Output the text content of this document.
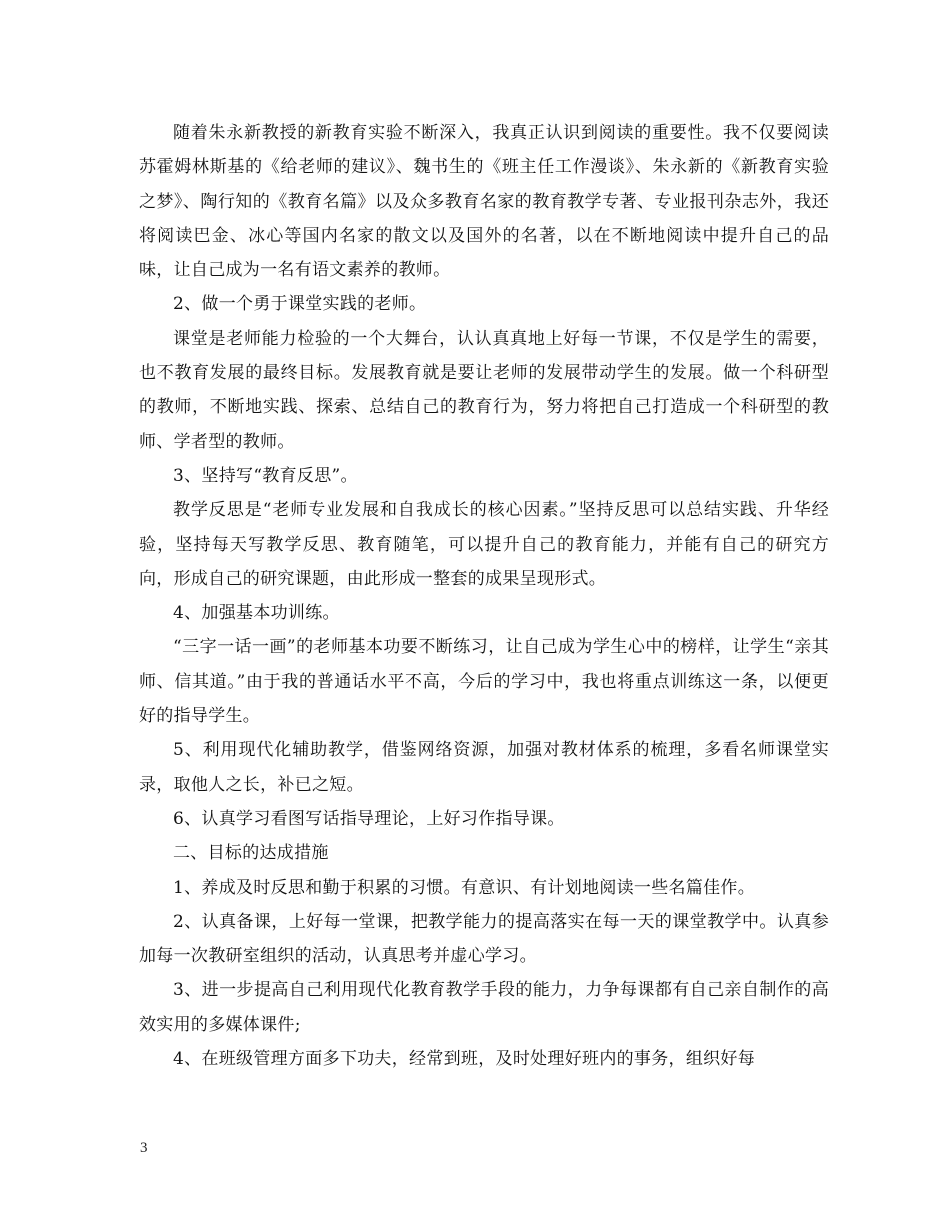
随着朱永新教授的新教育实验不断深入，我真正认识到阅读的重要性。我不仅要阅读苏霍姆林斯基的《给老师的建议》、魏书生的《班主任工作漫谈》、朱永新的《新教育实验之梦》、陶行知的《教育名篇》以及众多教育名家的教育教学专著、专业报刊杂志外，我还将阅读巴金、冰心等国内名家的散文以及国外的名著，以在不断地阅读中提升自己的品味，让自己成为一名有语文素养的教师。

2、做一个勇于课堂实践的老师。

课堂是老师能力检验的一个大舞台，认认真真地上好每一节课，不仅是学生的需要，也不教育发展的最终目标。发展教育就是要让老师的发展带动学生的发展。做一个科研型的教师，不断地实践、探索、总结自己的教育行为，努力将把自己打造成一个科研型的教师、学者型的教师。

3、坚持写“教育反思”。

教学反思是“老师专业发展和自我成长的核心因素。”坚持反思可以总结实践、升华经验，坚持每天写教学反思、教育随笔，可以提升自己的教育能力，并能有自己的研究方向，形成自己的研究课题，由此形成一整套的成果呈现形式。

4、加强基本功训练。

“三字一话一画”的老师基本功要不断练习，让自己成为学生心中的榜样，让学生“亲其师、信其道。”由于我的普通话水平不高，今后的学习中，我也将重点训练这一条，以便更好的指导学生。

5、利用现代化辅助教学，借鉴网络资源，加强对教材体系的梳理，多看名师课堂实录，取他人之长，补已之短。

6、认真学习看图写话指导理论，上好习作指导课。

二、目标的达成措施

1、养成及时反思和勤于积累的习惯。有意识、有计划地阅读一些名篇佳作。

2、认真备课，上好每一堂课，把教学能力的提高落实在每一天的课堂教学中。认真参加每一次教研室组织的活动，认真思考并虚心学习。

3、进一步提高自己利用现代化教育教学手段的能力，力争每课都有自己亲自制作的高效实用的多媒体课件;

4、在班级管理方面多下功夫，经常到班，及时处理好班内的事务，组织好每

3
